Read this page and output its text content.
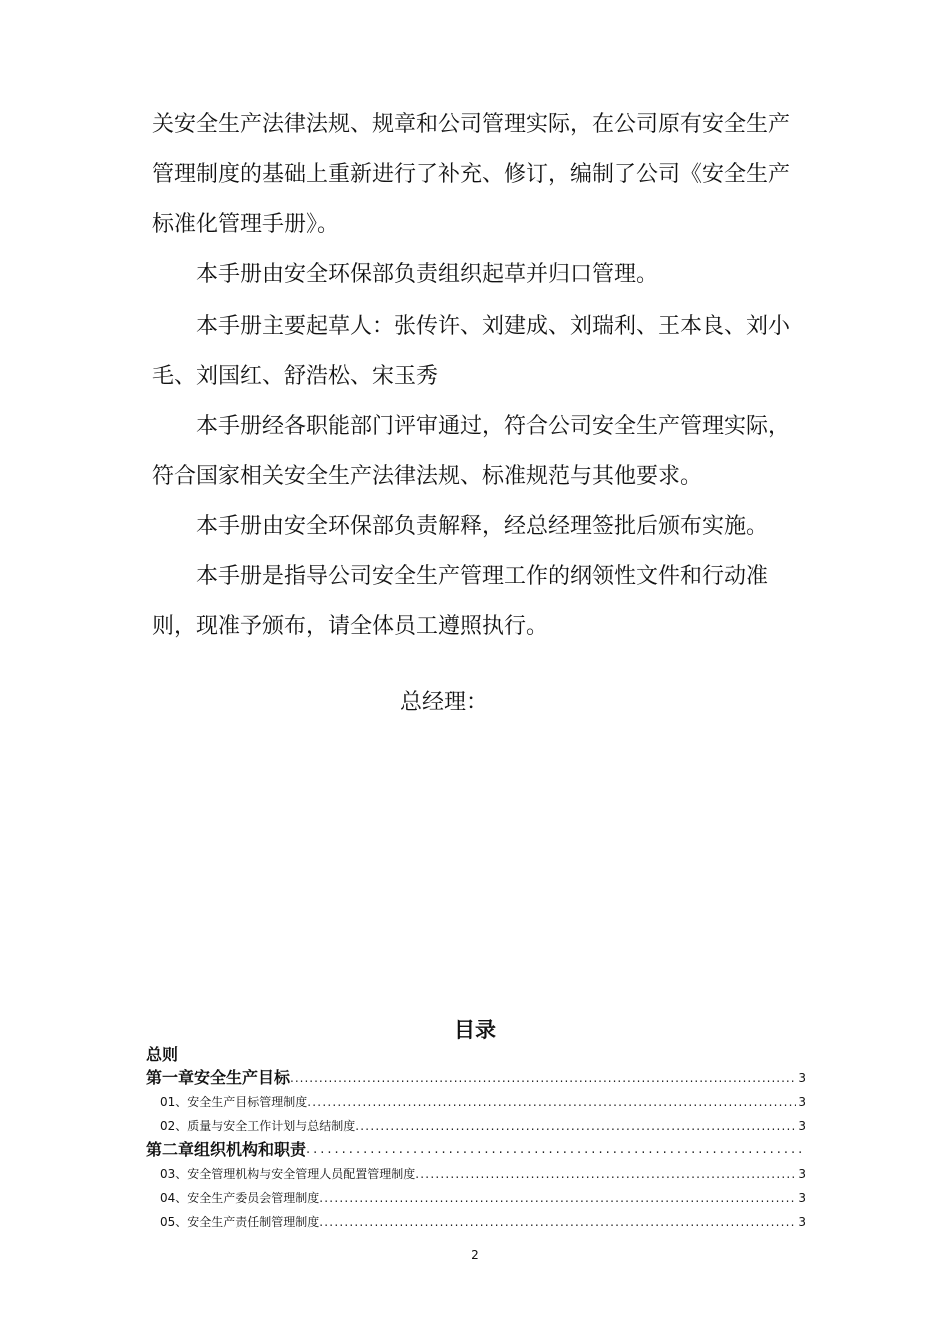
关安全生产法律法规、规章和公司管理实际，在公司原有安全生产管理制度的基础上重新进行了补充、修订，编制了公司《安全生产标准化管理手册》。

本手册由安全环保部负责组织起草并归口管理。

本手册主要起草人：张传许、刘建成、刘瑞利、王本良、刘小毛、刘国红、舒浩松、宋玉秀

本手册经各职能部门评审通过，符合公司安全生产管理实际，符合国家相关安全生产法律法规、标准规范与其他要求。

本手册由安全环保部负责解释，经总经理签批后颁布实施。

本手册是指导公司安全生产管理工作的纲领性文件和行动准则，现准予颁布，请全体员工遵照执行。

总经理：
目录
总则
第一章安全生产目标 .....	3
01、安全生产目标管理制度 .....	3
02、质量与安全工作计划与总结制度 .....	3
第二章组织机构和职责
.....
03、安全管理机构与安全管理人员配置管理制度 .....	3
04、安全生产委员会管理制度 .....	3
05、安全生产责任制管理制度 .....	3
2
